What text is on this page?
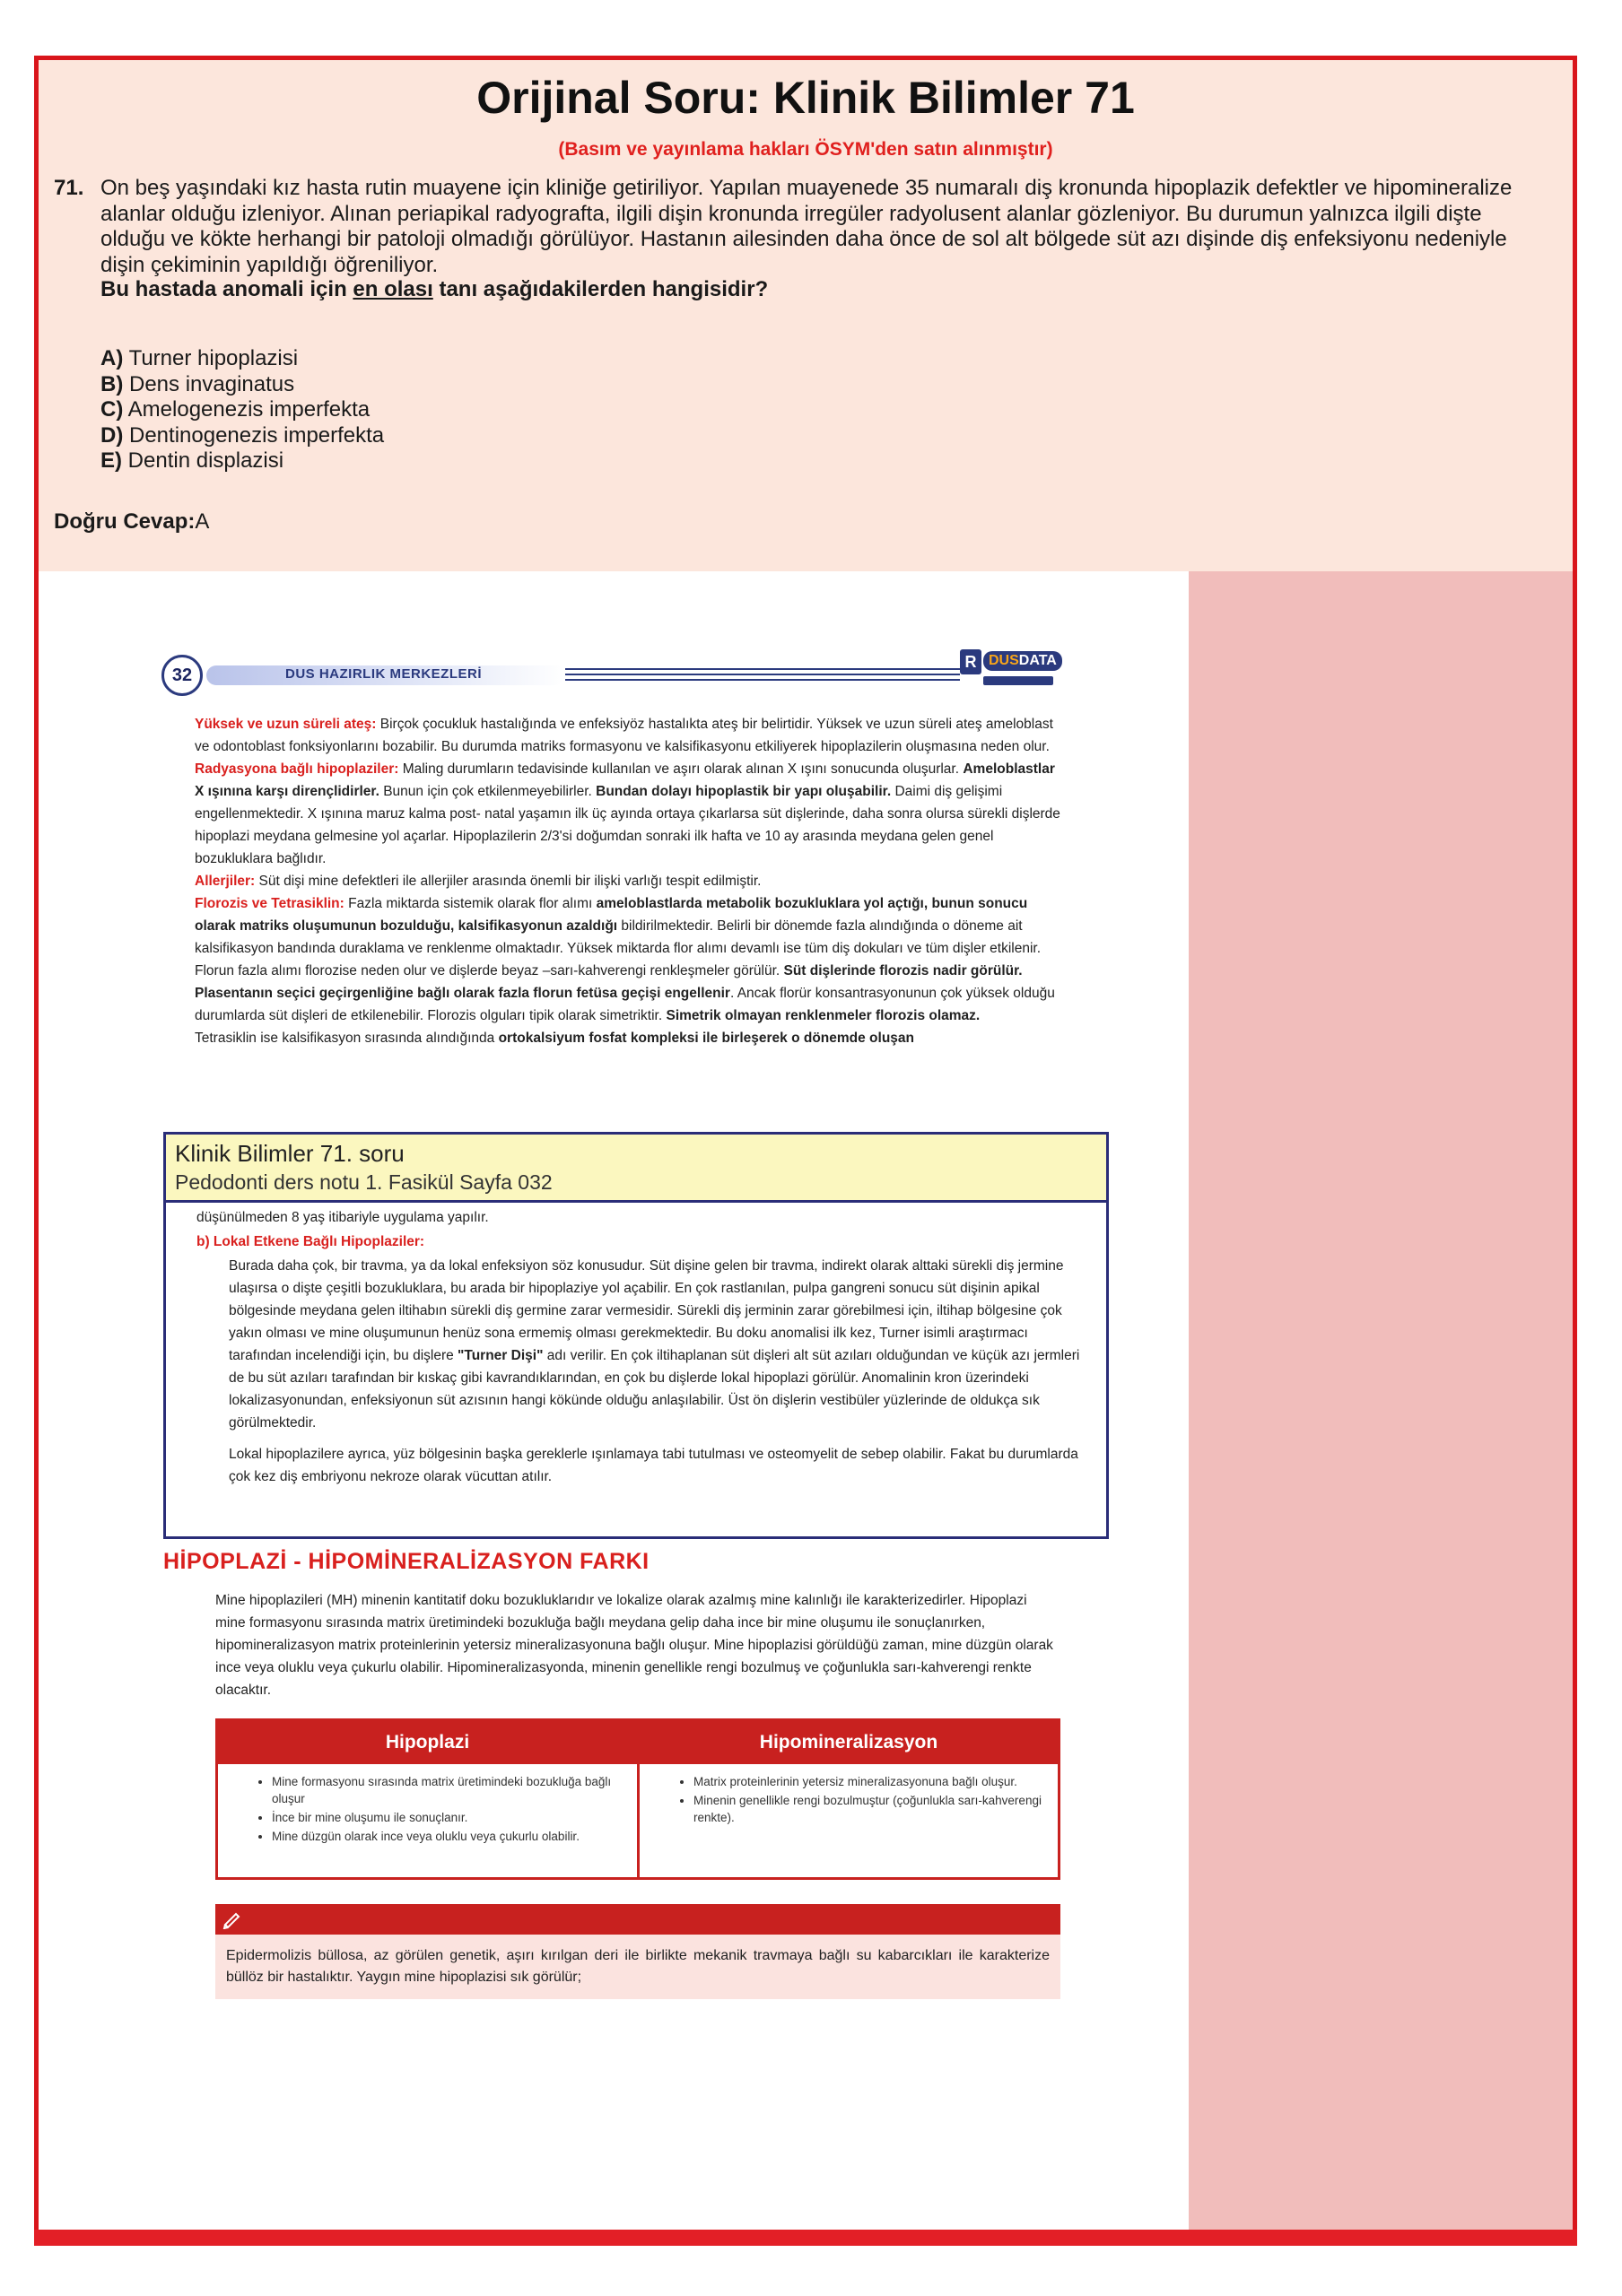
Orijinal Soru: Klinik Bilimler 71
(Basım ve yayınlama hakları ÖSYM'den satın alınmıştır)
71. On beş yaşındaki kız hasta rutin muayene için kliniğe getiriliyor. Yapılan muayenede 35 numaralı diş kronunda hipoplazik defektler ve hipomineralize alanlar olduğu izleniyor. Alınan periapikal radyografta, ilgili dişin kronunda irregüler radyolusent alanlar gözleniyor. Bu durumun yalnızca ilgili dişte olduğu ve kökte herhangi bir patoloji olmadığı görülüyor. Hastanın ailesinden daha önce de sol alt bölgede süt azı dişinde diş enfeksiyonu nedeniyle dişin çekiminin yapıldığı öğreniliyor.
Bu hastada anomali için en olası tanı aşağıdakilerden hangisidir?
A) Turner hipoplazisi
B) Dens invaginatus
C) Amelogenezis imperfekta
D) Dentinogenezis imperfekta
E) Dentin displazisi
Doğru Cevap:A
DUS HAZIRLIK MERKEZLERİ
32
R DUSDATA

Yüksek ve uzun süreli ateş: Birçok çocukluk hastalığında ve enfeksiyöz hastalıkta ateş bir belirtidir. Yüksek ve uzun süreli ateş ameloblast ve odontoblast fonksiyonlarını bozabilir. Bu durumda matriks formasyonu ve kalsifikasyonu etkiliyerek hipoplazilerin oluşmasına neden olur.

Radyasyona bağlı hipoplaziler: Maling durumların tedavisinde kullanılan ve aşırı olarak alınan X ışını sonucunda oluşurlar. Ameloblastlar X ışınına karşı dirençlidirler. Bunun için çok etkilenmeyebilirler. Bundan dolayı hipoplastik bir yapı oluşabilir. Daimi diş gelişimi engellenmektedir. X ışınına maruz kalma post- natal yaşamın ilk üç ayında ortaya çıkarlarsa süt dişlerinde, daha sonra olursa sürekli dişlerde hipoplazi meydana gelmesine yol açarlar. Hipoplazilerin 2/3'si doğumdan sonraki ilk hafta ve 10 ay arasında meydana gelen genel bozukluklara bağlıdır.

Allerjiler: Süt dişi mine defektleri ile allerjiler arasında önemli bir ilişki varlığı tespit edilmiştir.

Florozis ve Tetrasiklin: Fazla miktarda sistemik olarak flor alımı ameloblastlarda metabolik bozukluklara yol açtığı, bunun sonucu olarak matriks oluşumunun bozulduğu, kalsifikasyonun azaldığı bildirilmektedir. Belirli bir dönemde fazla alındığında o döneme ait kalsifikasyon bandında duraklama ve renklenme olmaktadır. Yüksek miktarda flor alımı devamlı ise tüm diş dokuları ve tüm dişler etkilenir. Florun fazla alımı florozise neden olur ve dişlerde beyaz –sarı-kahverengi renkleşmeler görülür. Süt dişlerinde florozis nadir görülür. Plasentanın seçici geçirgenliğine bağlı olarak fazla florun fetüsa geçişi engellenir. Ancak florür konsantrasyonunun çok yüksek olduğu durumlarda süt dişleri de etkilenebilir. Florozis olguları tipik olarak simetriktir. Simetrik olmayan renklenmeler florozis olamaz.

Tetrasiklin ise kalsifikasyon sırasında alındığında ortokalsiyum fosfat kompleksi ile birleşerek o dönemde oluşan

Klinik Bilimler 71. soru
Pedodonti ders notu 1. Fasikül Sayfa 032
düşünülmeden 8 yaş itibariyle uygulama yapılır.
b) Lokal Etkene Bağlı Hipoplaziler:

Burada daha çok, bir travma, ya da lokal enfeksiyon söz konusudur. Süt dişine gelen bir travma, indirekt olarak alttaki sürekli diş jermine ulaşırsa o dişte çeşitli bozukluklara, bu arada bir hipoplaziye yol açabilir. En çok rastlanılan, pulpa gangreni sonucu süt dişinin apikal bölgesinde meydana gelen iltihabın sürekli diş germine zarar vermesidir. Sürekli diş jerminin zarar görebilmesi için, iltihap bölgesine çok yakın olması ve mine oluşumunun henüz sona ermemiş olması gerekmektedir. Bu doku anomalisi ilk kez, Turner isimli araştırmacı tarafından incelendiği için, bu dişlere "Turner Dişi" adı verilir. En çok iltihaplanan süt dişleri alt süt azıları olduğundan ve küçük azı jermleri de bu süt azıları tarafından bir kıskaç gibi kavrandıklarından, en çok bu dişlerde lokal hipoplazi görülür. Anomalinin kron üzerindeki lokalizasyonundan, enfeksiyonun süt azısının hangi kökünde olduğu anlaşılabilir. Üst ön dişlerin vestibüler yüzlerinde de oldukça sık görülmektedir.

Lokal hipoplazilere ayrıca, yüz bölgesinin başka gereklerle ışınlamaya tabi tutulması ve osteomyelit de sebep olabilir. Fakat bu durumlarda çok kez diş embriyonu nekroze olarak vücuttan atılır.

HİPOPLAZİ - HİPOMİNERALİZASYON FARKI
Mine hipoplazileri (MH) minenin kantitatif doku bozukluklarıdır ve lokalize olarak azalmış mine kalınlığı ile karakterizedirler. Hipoplazi mine formasyonu sırasında matrix üretimindeki bozukluğa bağlı meydana gelip daha ince bir mine oluşumu ile sonuçlanırken, hipomineralizasyon matrix proteinlerinin yetersiz mineralizasyonuna bağlı oluşur. Mine hipoplazisi görüldüğü zaman, mine düzgün olarak ince veya oluklu veya çukurlu olabilir. Hipomineralizasyonda, minenin genellikle rengi bozulmuş ve çoğunlukla sarı-kahverengi renkte olacaktır.
Hipoplazi	Hipomineralizasyon
• Mine formasyonu sırasında matrix üretimindeki bozukluğa bağlı oluşur
• İnce bir mine oluşumu ile sonuçlanır.
• Mine düzgün olarak ince veya oluklu veya çukurlu olabilir.
• Matrix proteinlerinin yetersiz mineralizasyonuna bağlı oluşur.
• Minenin genellikle rengi bozulmuştur (çoğunlukla sarı-kahverengi renkte).
Epidermolizis büllosa, az görülen genetik, aşırı kırılgan deri ile birlikte mekanik travmaya bağlı su kabarcıkları ile karakterize büllöz bir hastalıktır. Yaygın mine hipoplazisi sık görülür;
